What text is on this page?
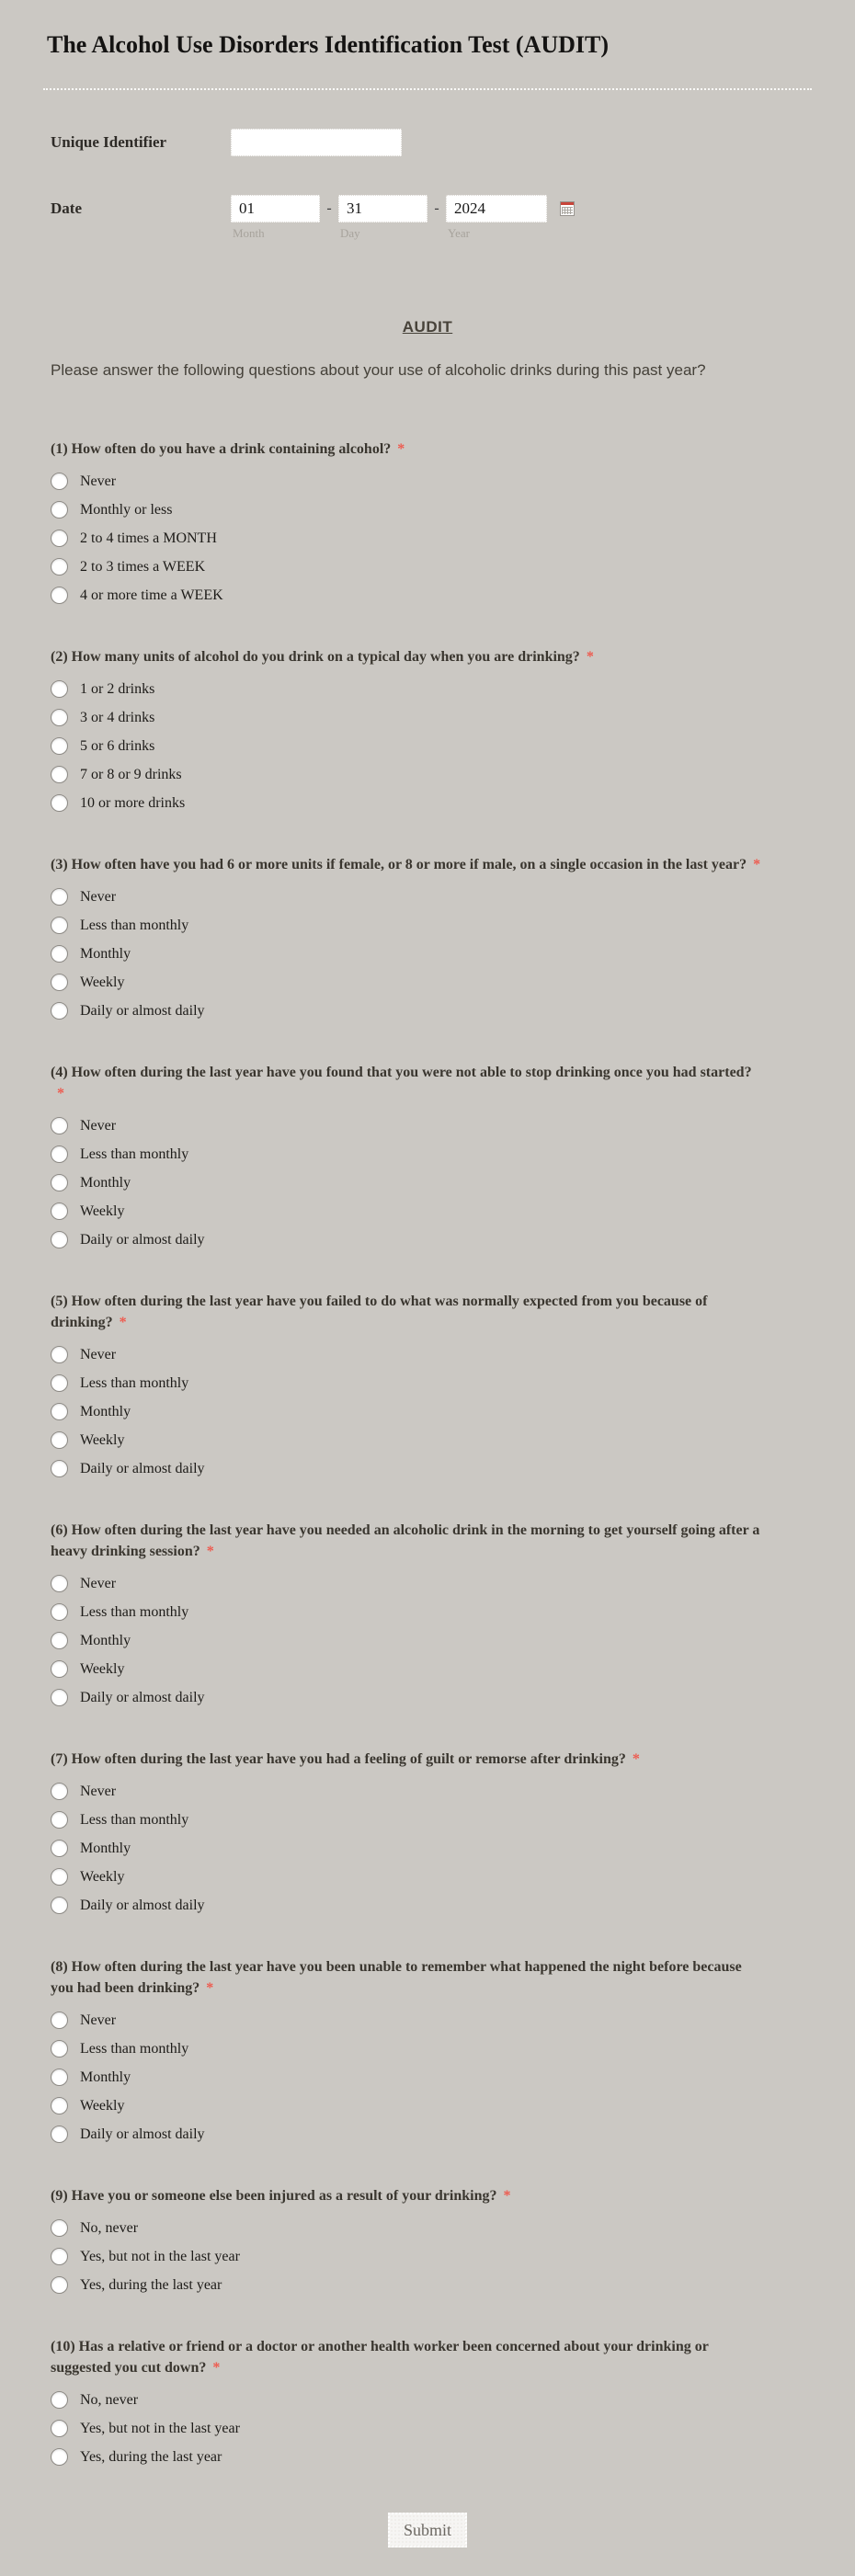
The Alcohol Use Disorders Identification Test (AUDIT)
Unique Identifier
Date
01
Month
-
31
Day
-
2024
Year
AUDIT

Please answer the following questions about your use of alcoholic drinks during this past year?

(1) How often do you have a drink containing alcohol? *
Never
Monthly or less
2 to 4 times a MONTH
2 to 3 times a WEEK
4 or more time a WEEK
(2) How many units of alcohol do you drink on a typical day when you are drinking? *
1 or 2 drinks
3 or 4 drinks
5 or 6 drinks
7 or 8 or 9 drinks
10 or more drinks
(3) How often have you had 6 or more units if female, or 8 or more if male, on a single occasion in the last year? *
Never
Less than monthly
Monthly
Weekly
Daily or almost daily
(4) How often during the last year have you found that you were not able to stop drinking once you had started?
*
Never
Less than monthly
Monthly
Weekly
Daily or almost daily
(5) How often during the last year have you failed to do what was normally expected from you because of
drinking? *
Never
Less than monthly
Monthly
Weekly
Daily or almost daily
(6) How often during the last year have you needed an alcoholic drink in the morning to get yourself going after a
heavy drinking session? *
Never
Less than monthly
Monthly
Weekly
Daily or almost daily
(7) How often during the last year have you had a feeling of guilt or remorse after drinking? *
Never
Less than monthly
Monthly
Weekly
Daily or almost daily
(8) How often during the last year have you been unable to remember what happened the night before because
you had been drinking? *
Never
Less than monthly
Monthly
Weekly
Daily or almost daily
(9) Have you or someone else been injured as a result of your drinking? *
No, never
Yes, but not in the last year
Yes, during the last year
(10) Has a relative or friend or a doctor or another health worker been concerned about your drinking or
suggested you cut down? *
No, never
Yes, but not in the last year
Yes, during the last year
Submit
